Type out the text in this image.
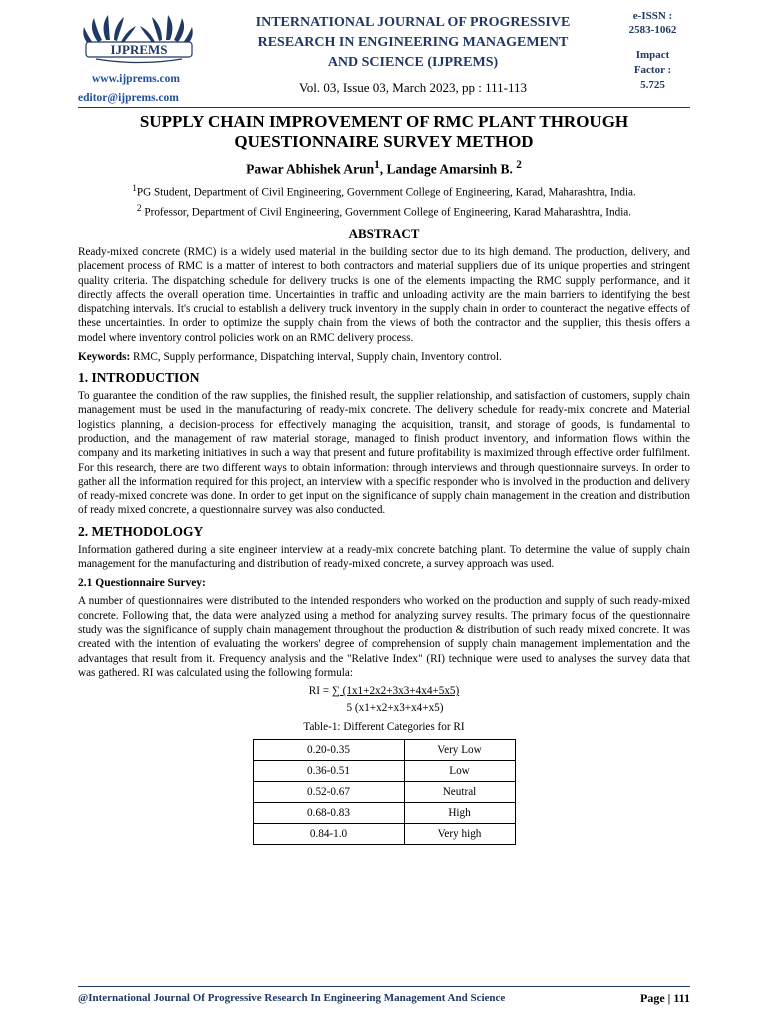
IJPREMS
www.ijprems.com
editor@ijprems.com
INTERNATIONAL JOURNAL OF PROGRESSIVE
RESEARCH IN ENGINEERING MANAGEMENT
AND SCIENCE (IJPREMS)
Vol. 03, Issue 03, March 2023, pp : 111-113
e-ISSN :
2583-1062
Impact
Factor :
5.725
SUPPLY CHAIN IMPROVEMENT OF RMC PLANT THROUGH
QUESTIONNAIRE SURVEY METHOD
Pawar Abhishek Arun$^1$, Landage Amarsinh B. $^2$
$^1$PG Student, Department of Civil Engineering, Government College of Engineering, Karad, Maharashtra, India.
$^2$ Professor, Department of Civil Engineering, Government College of Engineering, Karad Maharashtra, India.
ABSTRACT

Ready-mixed concrete (RMC) is a widely used material in the building sector due to its high demand. The production, delivery, and placement process of RMC is a matter of interest to both contractors and material suppliers due of its unique properties and stringent quality criteria. The dispatching schedule for delivery trucks is one of the elements impacting the RMC supply performance, and it directly affects the overall operation time. Uncertainties in traffic and unloading activity are the main barriers to identifying the best dispatching intervals. It's crucial to establish a delivery truck inventory in the supply chain in order to counteract the negative effects of these uncertainties. In order to optimize the supply chain from the views of both the contractor and the supplier, this thesis offers a model where inventory control policies work on an RMC delivery process.

Keywords: RMC, Supply performance, Dispatching interval, Supply chain, Inventory control.
1. INTRODUCTION

To guarantee the condition of the raw supplies, the finished result, the supplier relationship, and satisfaction of customers, supply chain management must be used in the manufacturing of ready-mix concrete. The delivery schedule for ready-mix concrete and Material logistics planning, a decision-process for effectively managing the acquisition, transit, and storage of goods, is fundamental to production, and the management of raw material storage, managed to finish product inventory, and information flows within the company and its marketing initiatives in such a way that present and future profitability is maximized through effective order fulfilment. For this research, there are two different ways to obtain information: through interviews and through questionnaire surveys. In order to gather all the information required for this project, an interview with a specific responder who is involved in the production and delivery of ready-mixed concrete was done. In order to get input on the significance of supply chain management in the creation and distribution of ready mixed concrete, a questionnaire survey was also conducted.

2. METHODOLOGY

Information gathered during a site engineer interview at a ready-mix concrete batching plant. To determine the value of supply chain management for the manufacturing and distribution of ready-mixed concrete, a survey approach was used.

2.1 Questionnaire Survey:

A number of questionnaires were distributed to the intended responders who worked on the production and supply of such ready-mixed concrete. Following that, the data were analyzed using a method for analyzing survey results. The primary focus of the questionnaire study was the significance of supply chain management throughout the production & distribution of such ready mixed concrete. It was created with the intention of evaluating the workers' degree of comprehension of supply chain management implementation and the advantages that result from it. Frequency analysis and the "Relative Index" (RI) technique were used to analyses the survey data that was gathered. RI was calculated using the following formula:

RI = ∑ (1x1+2x2+3x3+4x4+5x5)
5 (x1+x2+x3+x4+x5)
Table-1: Different Categories for RI
0.20-0.35	Very Low
0.36-0.51	Low
0.52-0.67	Neutral
0.68-0.83	High
0.84-1.0	Very high
@International Journal Of Progressive Research In Engineering Management And Science	Page | 111
